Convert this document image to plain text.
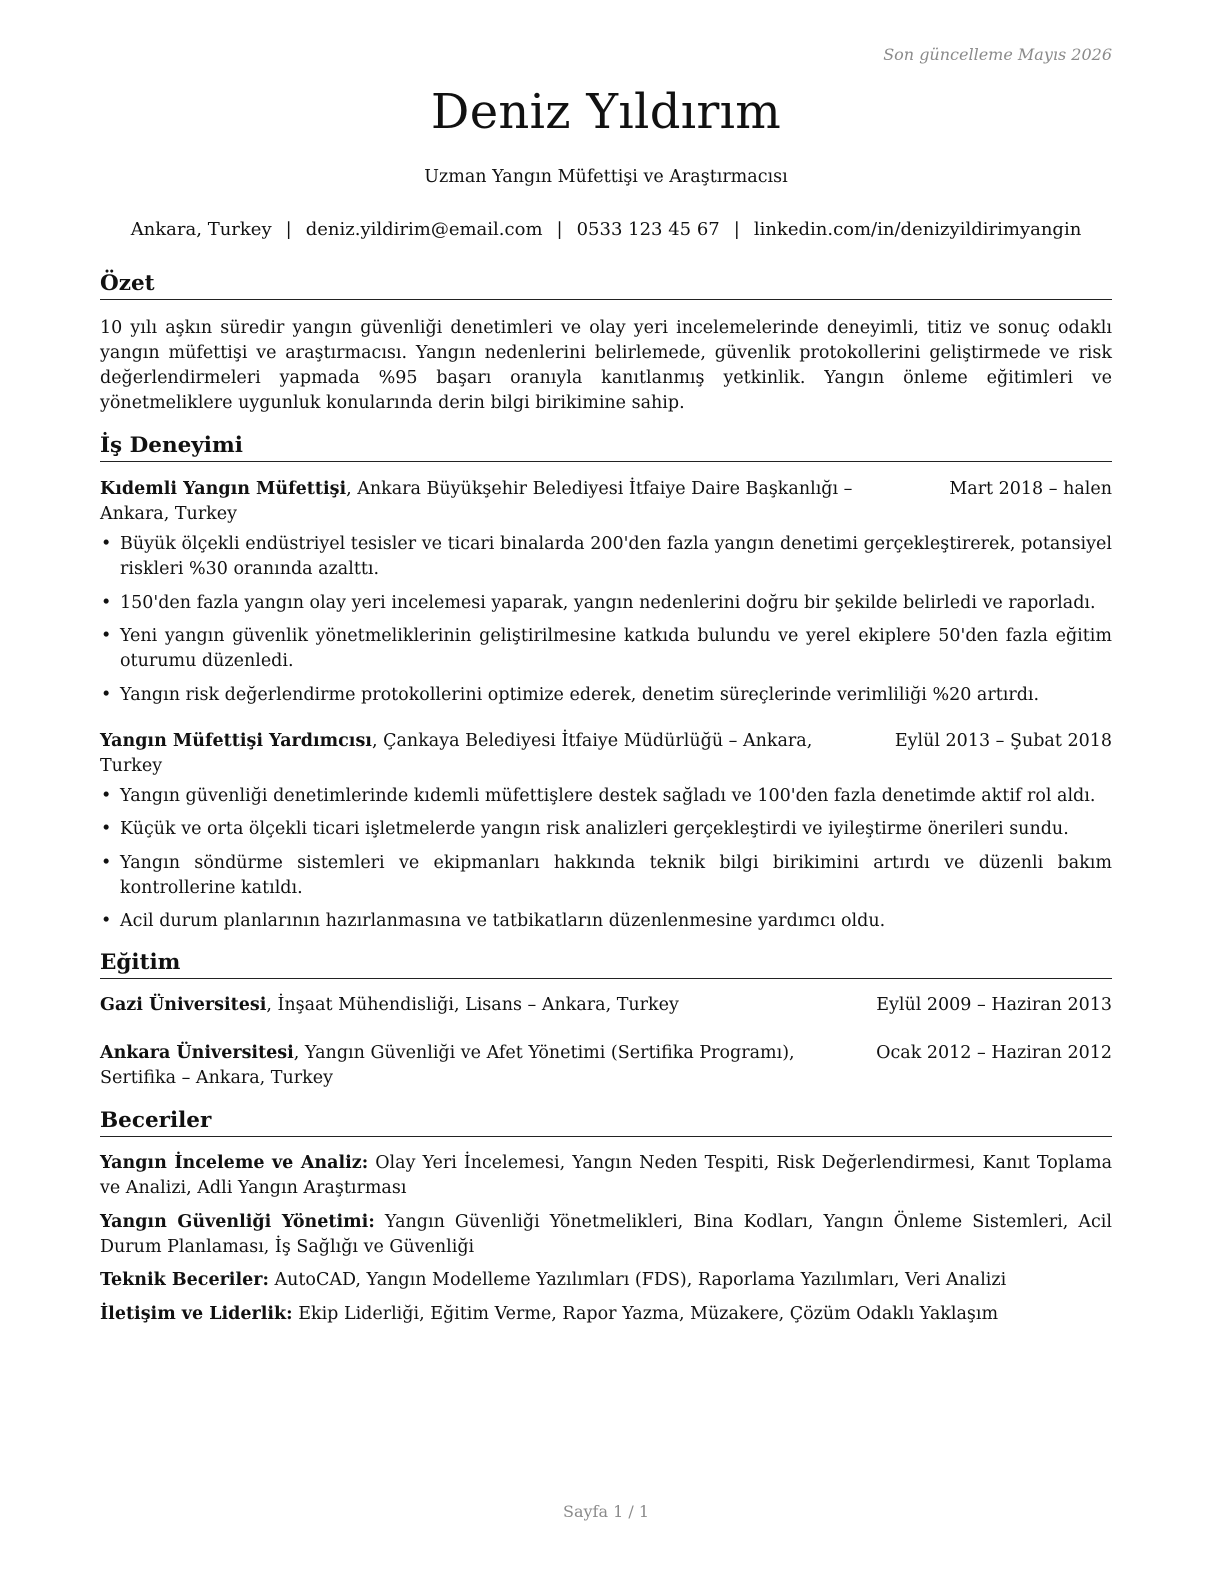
Son güncelleme Mayıs 2026
Deniz Yıldırım
Uzman Yangın Müfettişi ve Araştırmacısı
Ankara, Turkey | deniz.yildirim@email.com | 0533 123 45 67 | linkedin.com/in/denizyildirimyangin
Özet

10 yılı aşkın süredir yangın güvenliği denetimleri ve olay yeri incelemelerinde deneyimli, titiz ve sonuç odaklı yangın müfettişi ve araştırmacısı. Yangın nedenlerini belirlemede, güvenlik protokollerini geliştirmede ve risk değerlendirmeleri yapmada %95 başarı oranıyla kanıtlanmış yetkinlik. Yangın önleme eğitimleri ve yönetmeliklere uygunluk konularında derin bilgi birikimine sahip.

İş Deneyimi
Kıdemli Yangın Müfettişi, Ankara Büyükşehir Belediyesi İtfaiye Daire Başkanlığı – Ankara, Turkey
Mart 2018 – halen
• Büyük ölçekli endüstriyel tesisler ve ticari binalarda 200'den fazla yangın denetimi gerçekleştirerek, potansiyel riskleri %30 oranında azalttı.
• 150'den fazla yangın olay yeri incelemesi yaparak, yangın nedenlerini doğru bir şekilde belirledi ve raporladı.
• Yeni yangın güvenlik yönetmeliklerinin geliştirilmesine katkıda bulundu ve yerel ekiplere 50'den fazla eğitim oturumu düzenledi.
• Yangın risk değerlendirme protokollerini optimize ederek, denetim süreçlerinde verimliliği %20 artırdı.
Yangın Müfettişi Yardımcısı, Çankaya Belediyesi İtfaiye Müdürlüğü – Ankara, Turkey
Eylül 2013 – Şubat 2018
• Yangın güvenliği denetimlerinde kıdemli müfettişlere destek sağladı ve 100'den fazla denetimde aktif rol aldı.
• Küçük ve orta ölçekli ticari işletmelerde yangın risk analizleri gerçekleştirdi ve iyileştirme önerileri sundu.
• Yangın söndürme sistemleri ve ekipmanları hakkında teknik bilgi birikimini artırdı ve düzenli bakım kontrollerine katıldı.
• Acil durum planlarının hazırlanmasına ve tatbikatların düzenlenmesine yardımcı oldu.
Eğitim
Gazi Üniversitesi, İnşaat Mühendisliği, Lisans – Ankara, Turkey	Eylül 2009 – Haziran 2013
Ankara Üniversitesi, Yangın Güvenliği ve Afet Yönetimi (Sertifika Programı), Sertifika – Ankara, Turkey
Ocak 2012 – Haziran 2012
Beceriler
Yangın İnceleme ve Analiz: Olay Yeri İncelemesi, Yangın Neden Tespiti, Risk Değerlendirmesi, Kanıt Toplama ve Analizi, Adli Yangın Araştırması
Yangın Güvenliği Yönetimi: Yangın Güvenliği Yönetmelikleri, Bina Kodları, Yangın Önleme Sistemleri, Acil Durum Planlaması, İş Sağlığı ve Güvenliği
Teknik Beceriler: AutoCAD, Yangın Modelleme Yazılımları (FDS), Raporlama Yazılımları, Veri Analizi
İletişim ve Liderlik: Ekip Liderliği, Eğitim Verme, Rapor Yazma, Müzakere, Çözüm Odaklı Yaklaşım
Sayfa 1 / 1
